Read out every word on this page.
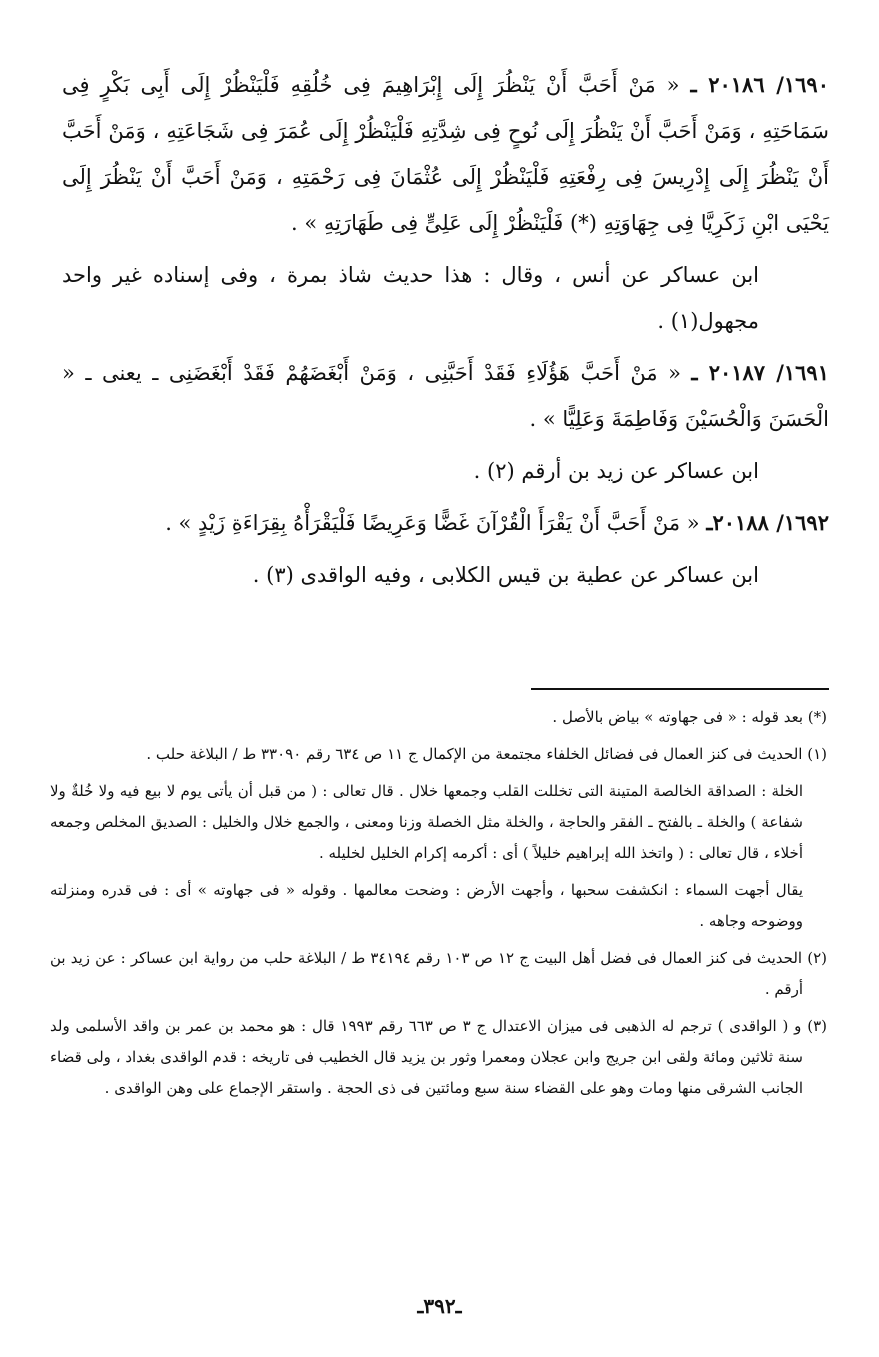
١٦٩٠/ ٢٠١٨٦ ـ « مَنْ أَحَبَّ أَنْ يَنْظُرَ إِلَى إِبْرَاهِيمَ فِى خُلُقِهِ فَلْيَنْظُرْ إِلَى أَبِى بَكْرٍ فِى سَمَاحَتِهِ ، وَمَنْ أَحَبَّ أَنْ يَنْظُرَ إِلَى نُوحٍ فِى شِدَّتِهِ فَلْيَنْظُرْ إِلَى عُمَرَ فِى شَجَاعَتِهِ ، وَمَنْ أَحَبَّ أَنْ يَنْظُرَ إِلَى إِدْرِيسَ فِى رِفْعَتِهِ فَلْيَنْظُرْ إِلَى عُثْمَانَ فِى رَحْمَتِهِ ، وَمَنْ أَحَبَّ أَنْ يَنْظُرَ إِلَى يَحْيَى ابْنِ زَكَرِيَّا فِى جِهَاوَتِهِ (*) فَلْيَنْظُرْ إِلَى عَلِىٍّ فِى طَهَارَتِهِ » .

ابن عساكر عن أنس ، وقال : هذا حديث شاذ بمرة ، وفى إسناده غير واحد مجهول(١) .

١٦٩١/ ٢٠١٨٧ ـ « مَنْ أَحَبَّ هَؤُلَاءِ فَقَدْ أَحَبَّنِى ، وَمَنْ أَبْغَضَهُمْ فَقَدْ أَبْغَضَنِى ـ يعنى ـ « الْحَسَنَ وَالْحُسَيْنَ وَفَاطِمَةَ وَعَلِيًّا » .

ابن عساكر عن زيد بن أرقم (٢) .

١٦٩٢/ ٢٠١٨٨ـ « مَنْ أَحَبَّ أَنْ يَقْرَأَ الْقُرْآنَ غَضًّا وَعَرِيضًا فَلْيَقْرَأْهُ بِقِرَاءَةِ زَيْدٍ » .

ابن عساكر عن عطية بن قيس الكلابى ، وفيه الواقدى (٣) .

(*) بعد قوله : « فى جهاوته » بياض بالأصل .

(١) الحديث فى كنز العمال فى فضائل الخلفاء مجتمعة من الإكمال ج ١١ ص ٦٣٤ رقم ٣٣٠٩٠ ط / البلاغة حلب .

الخلة : الصداقة الخالصة المتينة التى تخللت القلب وجمعها خلال . قال تعالى : ( من قبل أن يأتى يوم لا بيع فيه ولا خُلةٌ ولا شفاعة ) والخلة ـ بالفتح ـ الفقر والحاجة ، والخلة مثل الخصلة وزنا ومعنى ، والجمع خلال والخليل : الصديق المخلص وجمعه أخلاء ، قال تعالى : ( واتخذ الله إبراهيم خليلاً ) أى : أكرمه إكرام الخليل لخليله .

يقال أجهت السماء : انكشفت سحبها ، وأجهت الأرض : وضحت معالمها . وقوله « فى جهاوته » أى : فى قدره ومنزلته ووضوحه وجاهه .

(٢) الحديث فى كنز العمال فى فضل أهل البيت ج ١٢ ص ١٠٣ رقم ٣٤١٩٤ ط / البلاغة حلب من رواية ابن عساكر : عن زيد بن أرقم .

(٣) و ( الواقدى ) ترجم له الذهبى فى ميزان الاعتدال ج ٣ ص ٦٦٣ رقم ١٩٩٣ قال : هو محمد بن عمر بن واقد الأسلمى ولد سنة ثلاثين ومائة ولقى ابن جريج وابن عجلان ومعمرا وثور بن يزيد قال الخطيب فى تاريخه : قدم الواقدى بغداد ، ولى قضاء الجانب الشرقى منها ومات وهو على القضاء سنة سبع ومائتين فى ذى الحجة . واستقر الإجماع على وهن الواقدى .

ـ٣٩٢ـ
